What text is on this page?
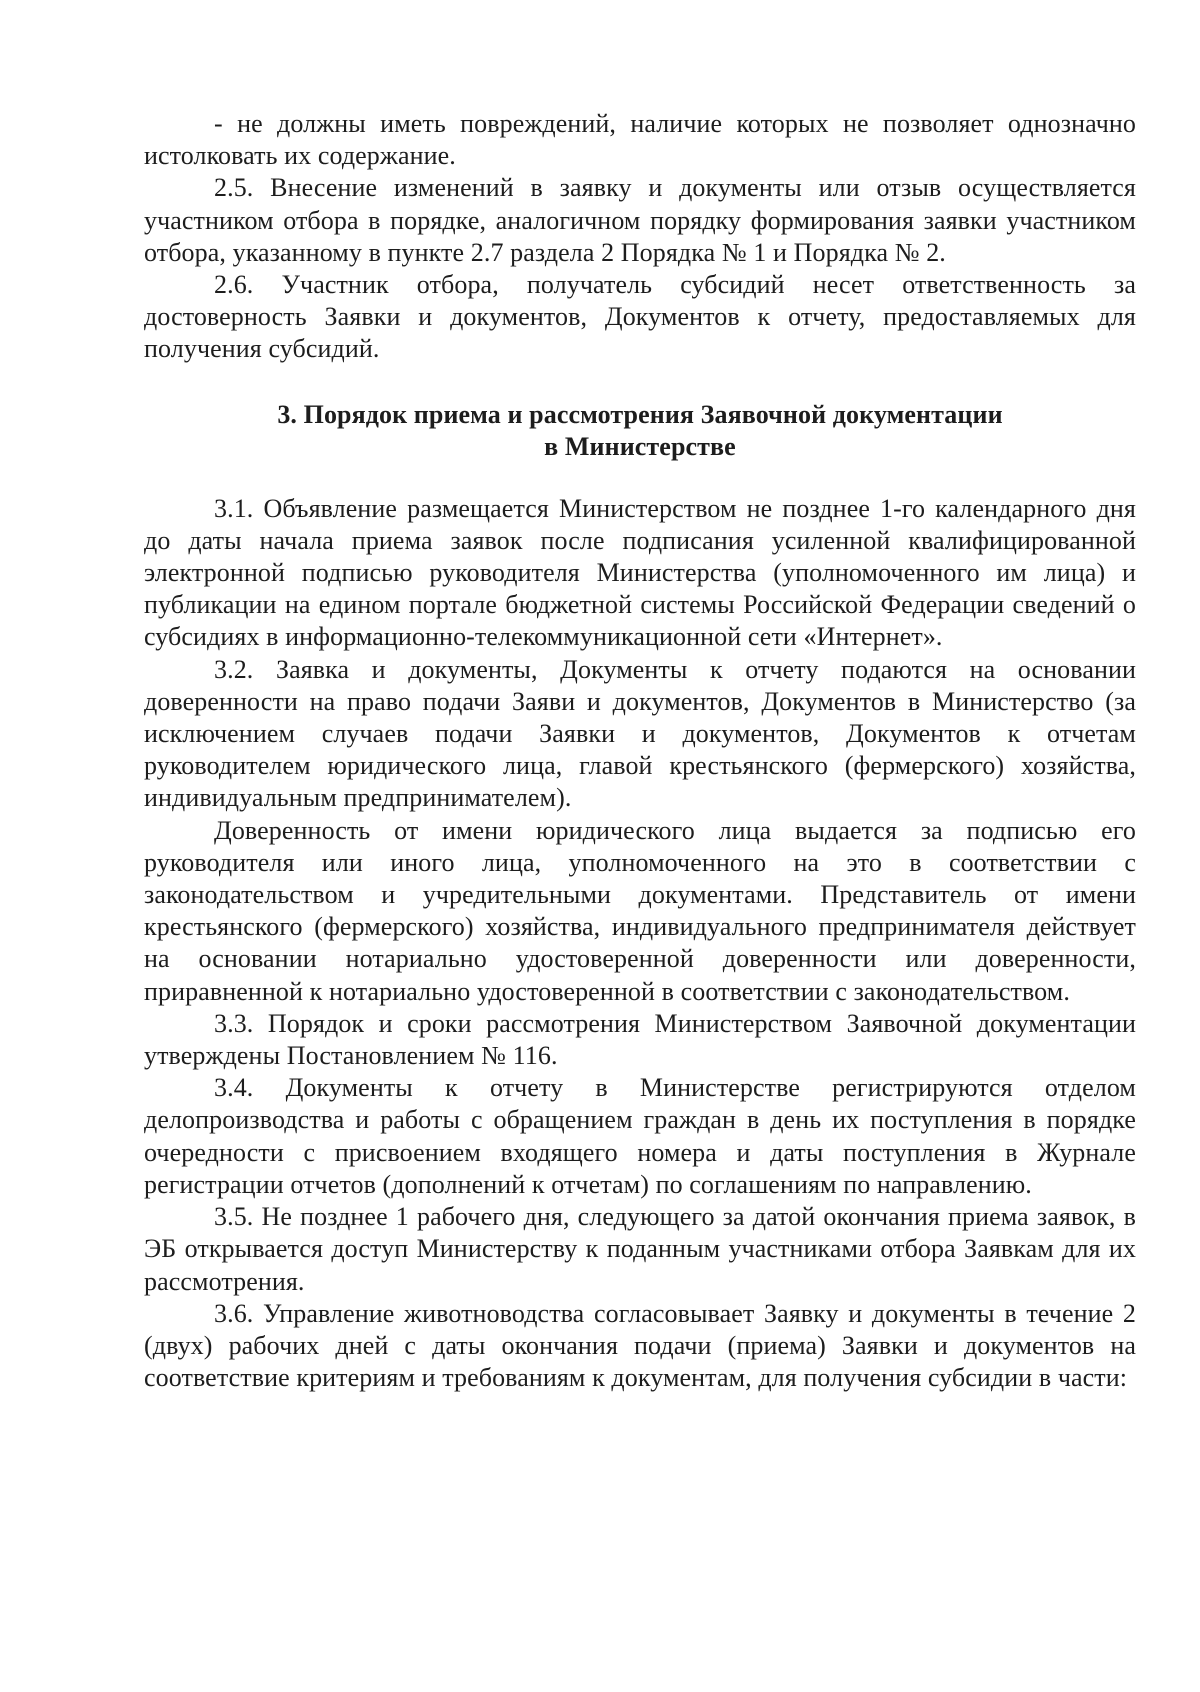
- не должны иметь повреждений, наличие которых не позволяет однозначно истолковать их содержание.

2.5. Внесение изменений в заявку и документы или отзыв осуществляется участником отбора в порядке, аналогичном порядку формирования заявки участником отбора, указанному в пункте 2.7 раздела 2 Порядка № 1 и Порядка № 2.

2.6. Участник отбора, получатель субсидий несет ответственность за достоверность Заявки и документов, Документов к отчету, предоставляемых для получения субсидий.

3. Порядок приема и рассмотрения Заявочной документации
в Министерстве

3.1. Объявление размещается Министерством не позднее 1-го календарного дня до даты начала приема заявок после подписания усиленной квалифицированной электронной подписью руководителя Министерства (уполномоченного им лица) и публикации на едином портале бюджетной системы Российской Федерации сведений о субсидиях в информационно-телекоммуникационной сети «Интернет».

3.2. Заявка и документы, Документы к отчету подаются на основании доверенности на право подачи Заяви и документов, Документов в Министерство (за исключением случаев подачи Заявки и документов, Документов к отчетам руководителем юридического лица, главой крестьянского (фермерского) хозяйства, индивидуальным предпринимателем).

Доверенность от имени юридического лица выдается за подписью его руководителя или иного лица, уполномоченного на это в соответствии с законодательством и учредительными документами. Представитель от имени крестьянского (фермерского) хозяйства, индивидуального предпринимателя действует на основании нотариально удостоверенной доверенности или доверенности, приравненной к нотариально удостоверенной в соответствии с законодательством.

3.3. Порядок и сроки рассмотрения Министерством Заявочной документации утверждены Постановлением № 116.

3.4. Документы к отчету в Министерстве регистрируются отделом делопроизводства и работы с обращением граждан в день их поступления в порядке очередности с присвоением входящего номера и даты поступления в Журнале регистрации отчетов (дополнений к отчетам) по соглашениям по направлению.

3.5. Не позднее 1 рабочего дня, следующего за датой окончания приема заявок, в ЭБ открывается доступ Министерству к поданным участниками отбора Заявкам для их рассмотрения.

3.6. Управление животноводства согласовывает Заявку и документы в течение 2 (двух) рабочих дней с даты окончания подачи (приема) Заявки и документов на соответствие критериям и требованиям к документам, для получения субсидии в части:
